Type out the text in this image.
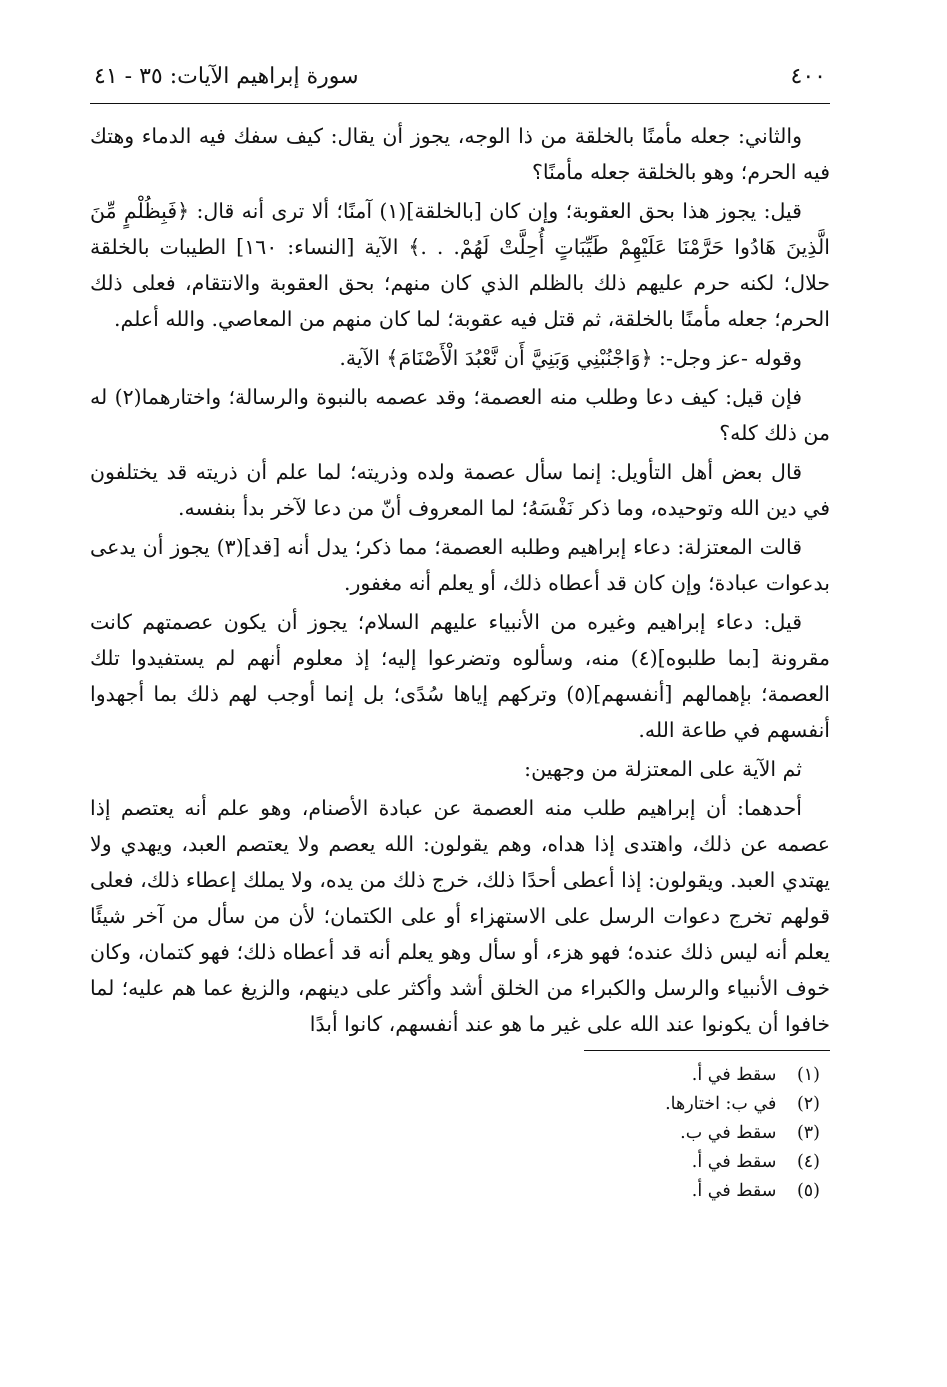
٤٠٠
سورة إبراهيم الآيات: ٣٥ - ٤١

والثاني: جعله مأمنًا بالخلقة من ذا الوجه، يجوز أن يقال: كيف سفك فيه الدماء وهتك فيه الحرم؛ وهو بالخلقة جعله مأمنًا؟

قيل: يجوز هذا بحق العقوبة؛ وإن كان [بالخلقة](١) آمنًا؛ ألا ترى أنه قال: ﴿فَبِظُلْمٍ مِّنَ الَّذِينَ هَادُوا حَرَّمْنَا عَلَيْهِمْ طَيِّبَاتٍ أُحِلَّتْ لَهُمْ. . .﴾ الآية [النساء: ١٦٠] الطيبات بالخلقة حلال؛ لكنه حرم عليهم ذلك بالظلم الذي كان منهم؛ بحق العقوبة والانتقام، فعلى ذلك الحرم؛ جعله مأمنًا بالخلقة، ثم قتل فيه عقوبة؛ لما كان منهم من المعاصي. والله أعلم.

وقوله -عز وجل-: ﴿وَاجْنُبْنِي وَبَنِيَّ أَن نَّعْبُدَ الْأَصْنَامَ﴾ الآية.

فإن قيل: كيف دعا وطلب منه العصمة؛ وقد عصمه بالنبوة والرسالة؛ واختارهما(٢) له من ذلك كله؟

قال بعض أهل التأويل: إنما سأل عصمة ولده وذريته؛ لما علم أن ذريته قد يختلفون في دين الله وتوحيده، وما ذكر نَفْسَهُ؛ لما المعروف أنّ من دعا لآخر بدأ بنفسه.

قالت المعتزلة: دعاء إبراهيم وطلبه العصمة؛ مما ذكر؛ يدل أنه [قد](٣) يجوز أن يدعى بدعوات عبادة؛ وإن كان قد أعطاه ذلك، أو يعلم أنه مغفور.

قيل: دعاء إبراهيم وغيره من الأنبياء عليهم السلام؛ يجوز أن يكون عصمتهم كانت مقرونة [بما طلبوه](٤) منه، وسألوه وتضرعوا إليه؛ إذ معلوم أنهم لم يستفيدوا تلك العصمة؛ بإهمالهم [أنفسهم](٥) وتركهم إياها سُدًى؛ بل إنما أوجب لهم ذلك بما أجهدوا أنفسهم في طاعة الله.

ثم الآية على المعتزلة من وجهين:

أحدهما: أن إبراهيم طلب منه العصمة عن عبادة الأصنام، وهو علم أنه يعتصم إذا عصمه عن ذلك، واهتدى إذا هداه، وهم يقولون: الله يعصم ولا يعتصم العبد، ويهدي ولا يهتدي العبد. ويقولون: إذا أعطى أحدًا ذلك، خرج ذلك من يده، ولا يملك إعطاء ذلك، فعلى قولهم تخرج دعوات الرسل على الاستهزاء أو على الكتمان؛ لأن من سأل من آخر شيئًا يعلم أنه ليس ذلك عنده؛ فهو هزء، أو سأل وهو يعلم أنه قد أعطاه ذلك؛ فهو كتمان، وكان خوف الأنبياء والرسل والكبراء من الخلق أشد وأكثر على دينهم، والزيغ عما هم عليه؛ لما خافوا أن يكونوا عند الله على غير ما هو عند أنفسهم، كانوا أبدًا

(١) سقط في أ.
(٢) في ب: اختارها.
(٣) سقط في ب.
(٤) سقط في أ.
(٥) سقط في أ.
